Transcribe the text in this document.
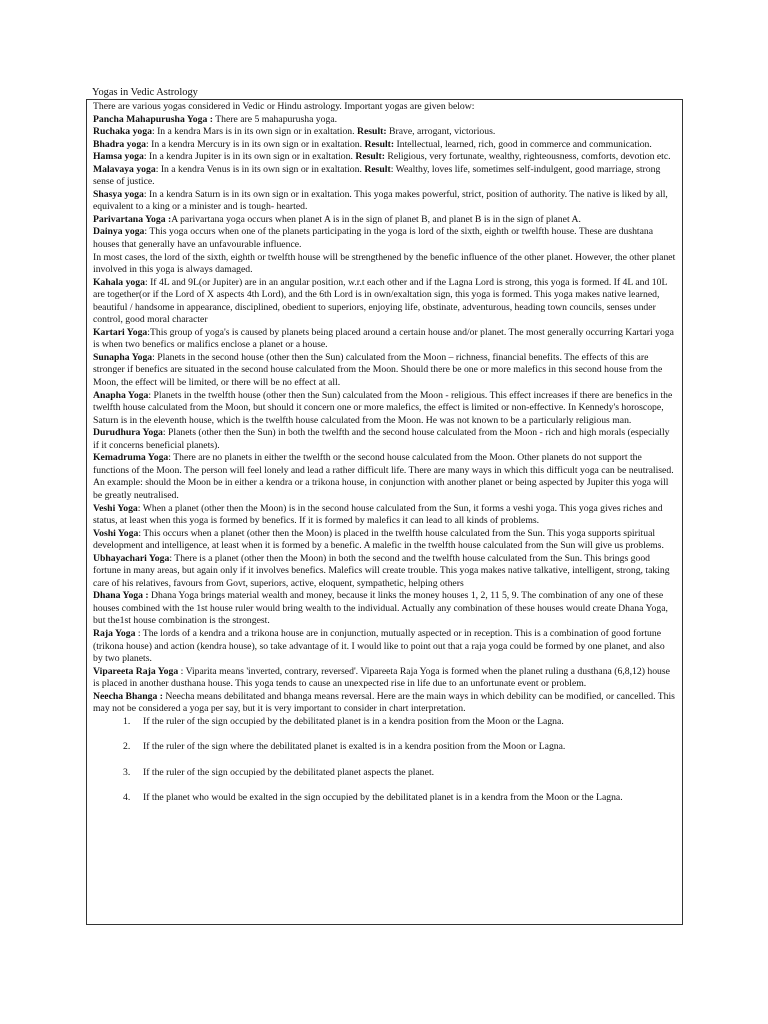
Yogas in Vedic Astrology
There are various yogas considered in Vedic or Hindu astrology. Important yogas are given below:
Pancha Mahapurusha Yoga : There are 5 mahapurusha yoga.
Ruchaka yoga: In a kendra Mars is in its own sign or in exaltation. Result: Brave, arrogant, victorious.
Bhadra yoga: In a kendra Mercury is in its own sign or in exaltation. Result: Intellectual, learned, rich, good in commerce and communication.
Hamsa yoga: In a kendra Jupiter is in its own sign or in exaltation. Result: Religious, very fortunate, wealthy, righteousness, comforts, devotion etc.
Malavaya yoga: In a kendra Venus is in its own sign or in exaltation. Result: Wealthy, loves life, sometimes self-indulgent, good marriage, strong sense of justice.
Shasya yoga: In a kendra Saturn is in its own sign or in exaltation. This yoga makes powerful, strict, position of authority. The native is liked by all, equivalent to a king or a minister and is tough- hearted.
Parivartana Yoga :A parivartana yoga occurs when planet A is in the sign of planet B, and planet B is in the sign of planet A.
Dainya yoga: This yoga occurs when one of the planets participating in the yoga is lord of the sixth, eighth or twelfth house. These are dushtana houses that generally have an unfavourable influence.
In most cases, the lord of the sixth, eighth or twelfth house will be strengthened by the benefic influence of the other planet. However, the other planet involved in this yoga is always damaged.
Kahala yoga: If 4L and 9L(or Jupiter) are in an angular position, w.r.t each other and if the Lagna Lord is strong, this yoga is formed. If 4L and 10L are together(or if the Lord of X aspects 4th Lord), and the 6th Lord is in own/exaltation sign, this yoga is formed. This yoga makes native learned, beautiful / handsome in appearance, disciplined, obedient to superiors, enjoying life, obstinate, adventurous, heading town councils, senses under control, good moral character
Kartari Yoga:This group of yoga's is caused by planets being placed around a certain house and/or planet. The most generally occurring Kartari yoga is when two benefics or malifics enclose a planet or a house.
Sunapha Yoga: Planets in the second house (other then the Sun) calculated from the Moon – richness, financial benefits. The effects of this are stronger if benefics are situated in the second house calculated from the Moon. Should there be one or more malefics in this second house from the Moon, the effect will be limited, or there will be no effect at all.
Anapha Yoga: Planets in the twelfth house (other then the Sun) calculated from the Moon - religious. This effect increases if there are benefics in the twelfth house calculated from the Moon, but should it concern one or more malefics, the effect is limited or non-effective. In Kennedy's horoscope, Saturn is in the eleventh house, which is the twelfth house calculated from the Moon. He was not known to be a particularly religious man.
Durudhura Yoga: Planets (other then the Sun) in both the twelfth and the second house calculated from the Moon - rich and high morals (especially if it concerns beneficial planets).
Kemadruma Yoga: There are no planets in either the twelfth or the second house calculated from the Moon. Other planets do not support the functions of the Moon. The person will feel lonely and lead a rather difficult life. There are many ways in which this difficult yoga can be neutralised. An example: should the Moon be in either a kendra or a trikona house, in conjunction with another planet or being aspected by Jupiter this yoga will be greatly neutralised.
Veshi Yoga: When a planet (other then the Moon) is in the second house calculated from the Sun, it forms a veshi yoga. This yoga gives riches and status, at least when this yoga is formed by benefics. If it is formed by malefics it can lead to all kinds of problems.
Voshi Yoga: This occurs when a planet (other then the Moon) is placed in the twelfth house calculated from the Sun. This yoga supports spiritual development and intelligence, at least when it is formed by a benefic. A malefic in the twelfth house calculated from the Sun will give us problems.
Ubhayachari Yoga: There is a planet (other then the Moon) in both the second and the twelfth house calculated from the Sun. This brings good fortune in many areas, but again only if it involves benefics. Malefics will create trouble. This yoga makes native talkative, intelligent, strong, taking care of his relatives, favours from Govt, superiors, active, eloquent, sympathetic, helping others
Dhana Yoga : Dhana Yoga brings material wealth and money, because it links the money houses 1, 2, 11 5, 9. The combination of any one of these houses combined with the 1st house ruler would bring wealth to the individual. Actually any combination of these houses would create Dhana Yoga, but the1st house combination is the strongest.
Raja Yoga : The lords of a kendra and a trikona house are in conjunction, mutually aspected or in reception. This is a combination of good fortune (trikona house) and action (kendra house), so take advantage of it. I would like to point out that a raja yoga could be formed by one planet, and also by two planets.
Vipareeta Raja Yoga : Viparita means 'inverted, contrary, reversed'. Vipareeta Raja Yoga is formed when the planet ruling a dusthana (6,8,12) house is placed in another dusthana house. This yoga tends to cause an unexpected rise in life due to an unfortunate event or problem.
Neecha Bhanga : Neecha means debilitated and bhanga means reversal. Here are the main ways in which debility can be modified, or cancelled. This may not be considered a yoga per say, but it is very important to consider in chart interpretation.
1. If the ruler of the sign occupied by the debilitated planet is in a kendra position from the Moon or the Lagna.
2. If the ruler of the sign where the debilitated planet is exalted is in a kendra position from the Moon or Lagna.
3. If the ruler of the sign occupied by the debilitated planet aspects the planet.
4. If the planet who would be exalted in the sign occupied by the debilitated planet is in a kendra from the Moon or the Lagna.
